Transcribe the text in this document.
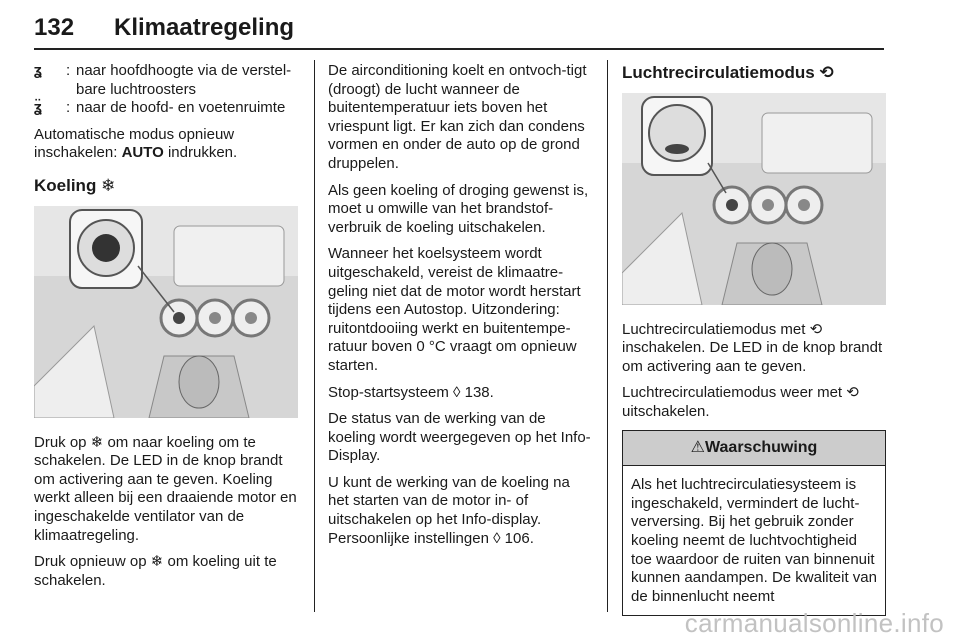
132 Klimaatregeling
ʓ	: naar hoofdhoogte via de verstel-bare luchtroosters
ʓ̈	: naar de hoofd- en voetenruimte

Automatische modus opnieuw inschakelen: AUTO indrukken.

Koeling ❄

Druk op ❄ om naar koeling om te schakelen. De LED in de knop brandt om activering aan te geven. Koeling werkt alleen bij een draaiende motor en ingeschakelde ventilator van de klimaatregeling.

Druk opnieuw op ❄ om koeling uit te schakelen.

De airconditioning koelt en ontvoch-tigt (droogt) de lucht wanneer de buitentemperatuur iets boven het vriespunt ligt. Er kan zich dan condens vormen en onder de auto op de grond druppelen.

Als geen koeling of droging gewenst is, moet u omwille van het brandstof-verbruik de koeling uitschakelen.

Wanneer het koelsysteem wordt uitgeschakeld, vereist de klimaatre-geling niet dat de motor wordt herstart tijdens een Autostop. Uitzondering: ruitontdooiing werkt en buitentempe-ratuur boven 0 °C vraagt om opnieuw starten.

Stop-startsysteem ◊ 138.

De status van de werking van de koeling wordt weergegeven op het Info-Display.

U kunt de werking van de koeling na het starten van de motor in- of uitschakelen op het Info-display. Persoonlijke instellingen ◊ 106.

Luchtrecirculatiemodus ⟲

Luchtrecirculatiemodus met ⟲ inschakelen. De LED in de knop brandt om activering aan te geven.

Luchtrecirculatiemodus weer met ⟲ uitschakelen.

⚠Waarschuwing
Als het luchtrecirculatiesysteem is ingeschakeld, vermindert de lucht-verversing. Bij het gebruik zonder koeling neemt de luchtvochtigheid toe waardoor de ruiten van binnenuit kunnen aandampen. De kwaliteit van de binnenlucht neemt
carmanualsonline.info
